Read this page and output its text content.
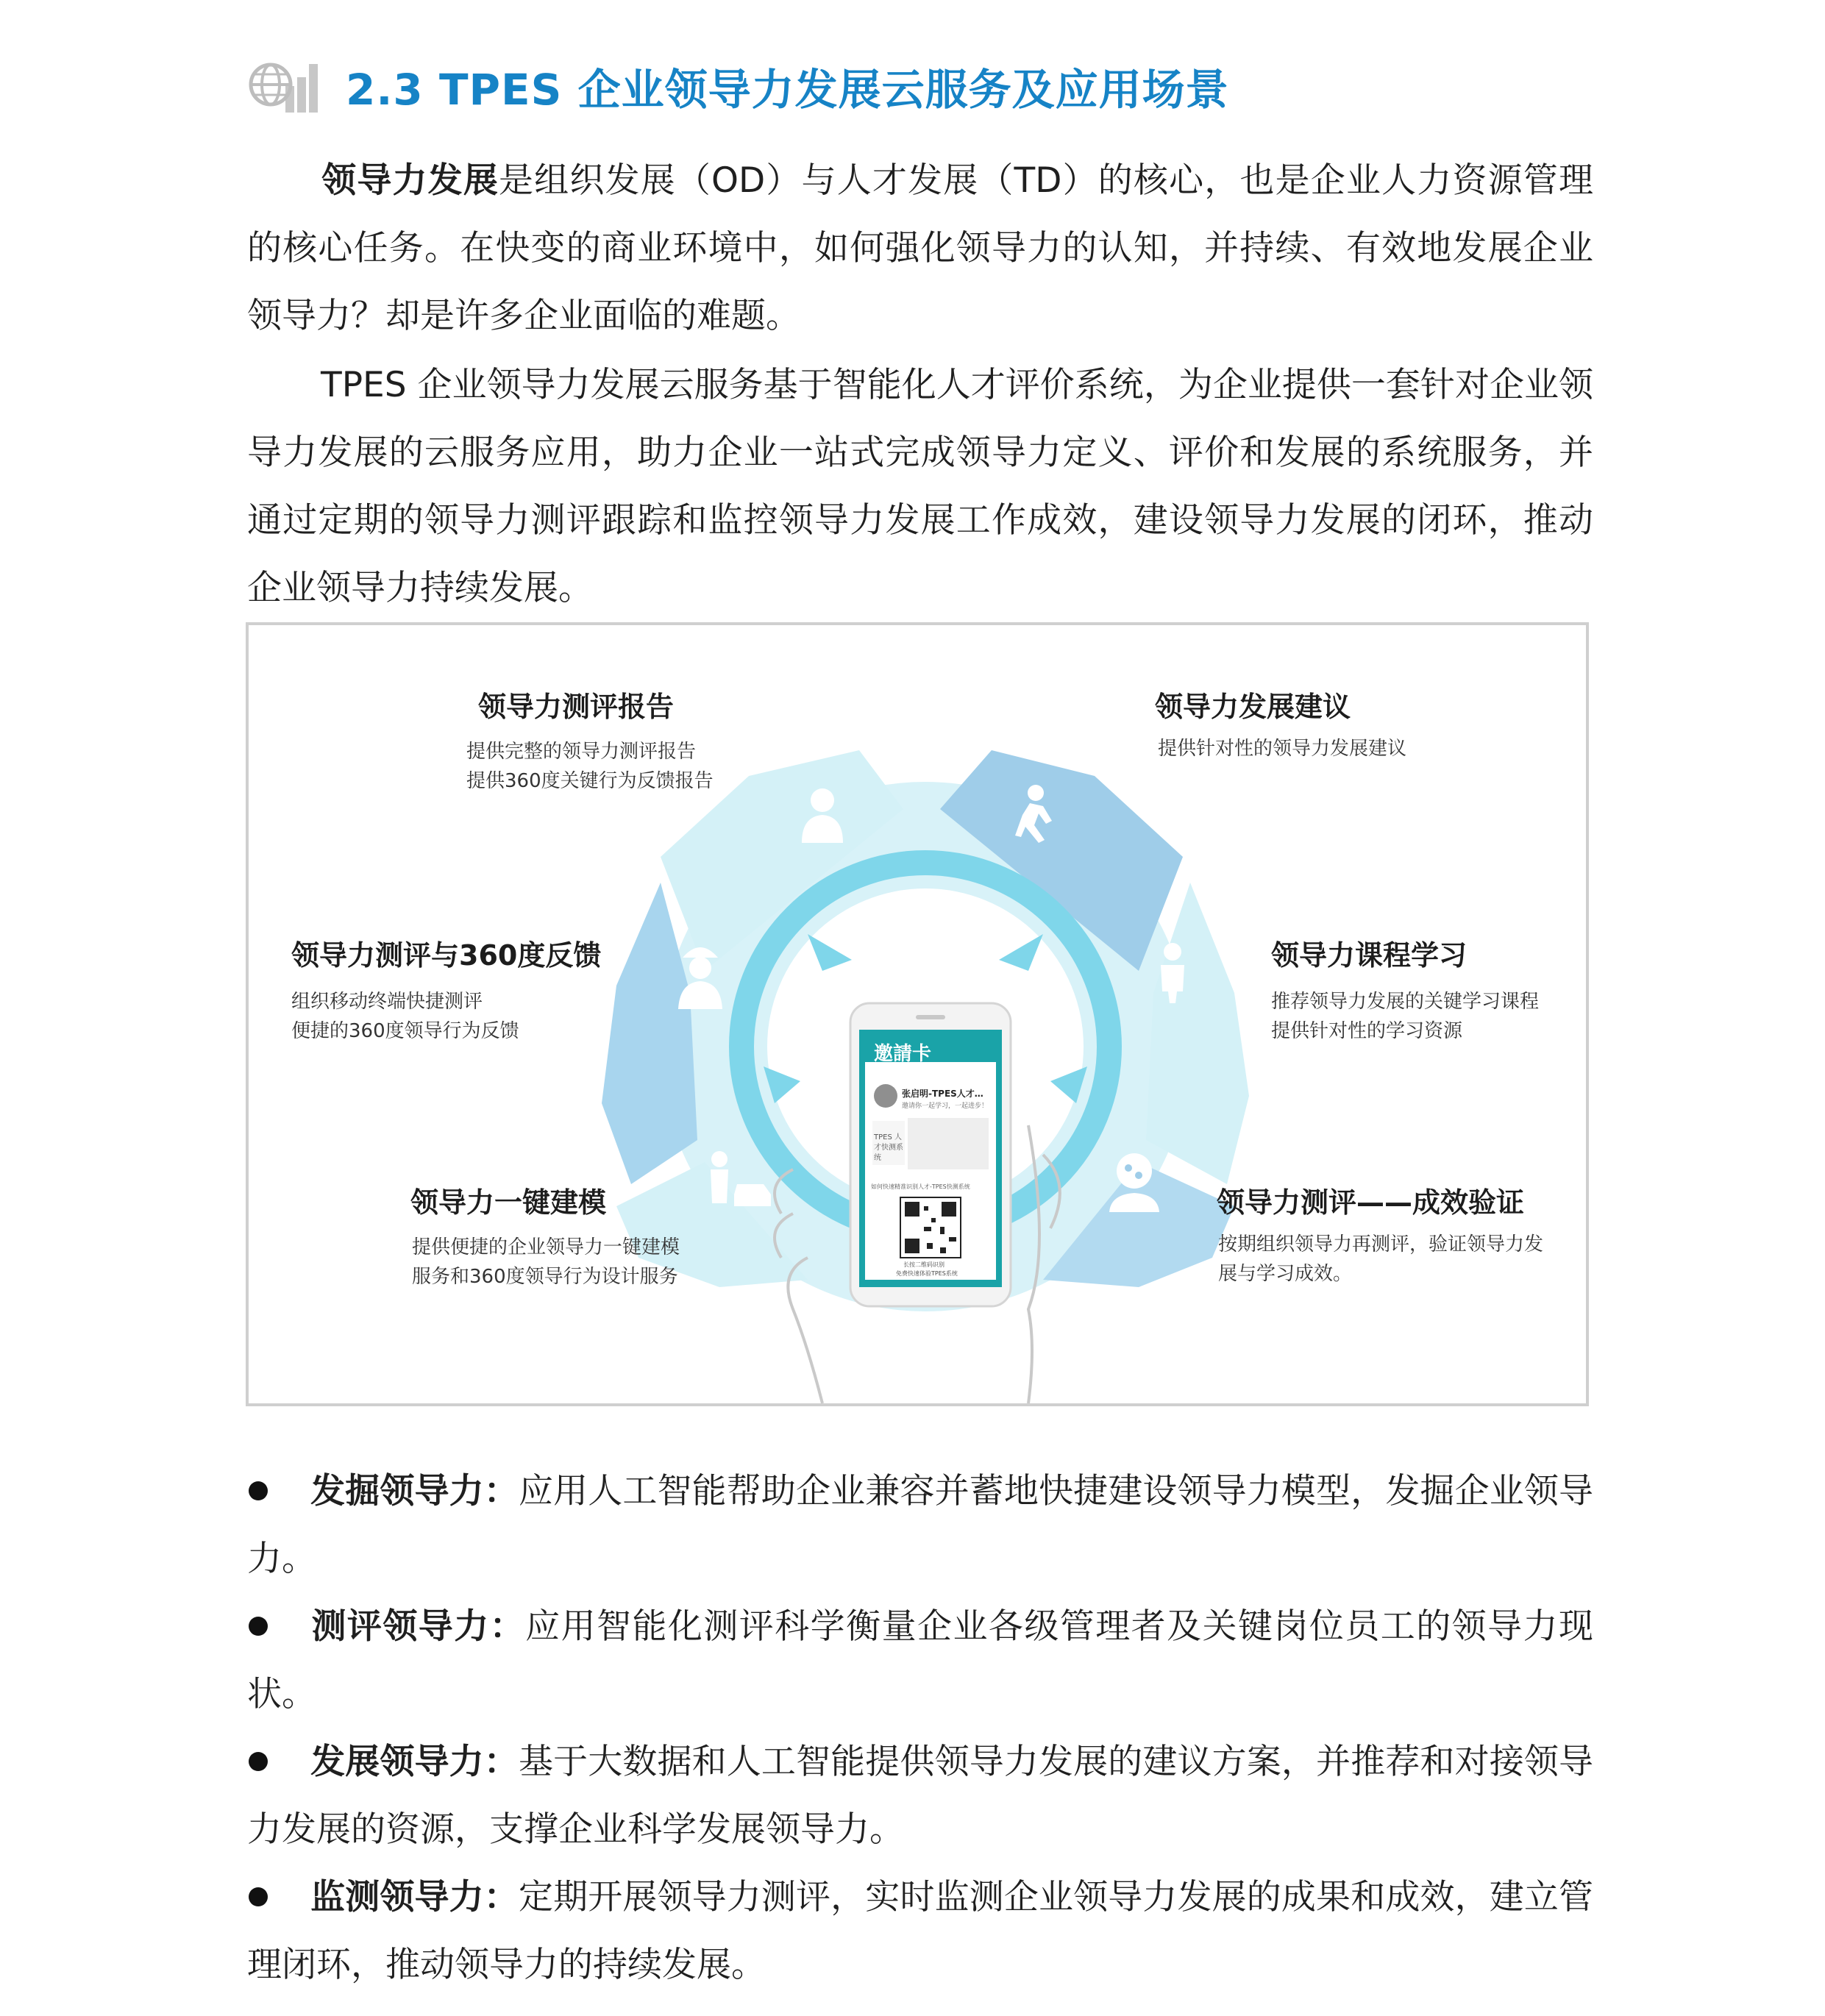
2.3 TPES 企业领导力发展云服务及应用场景
领导力发展是组织发展（OD）与人才发展（TD）的核心，也是企业人力资源管理的核心任务。在快变的商业环境中，如何强化领导力的认知，并持续、有效地发展企业领导力？却是许多企业面临的难题。
TPES 企业领导力发展云服务基于智能化人才评价系统，为企业提供一套针对企业领导力发展的云服务应用，助力企业一站式完成领导力定义、评价和发展的系统服务，并通过定期的领导力测评跟踪和监控领导力发展工作成效，建设领导力发展的闭环，推动企业领导力持续发展。
邀請卡
张启明-TPES人才…
邀请你一起学习，一起进步！
TPES 人才快测系统
如何快速精准识别人才-TPES快测系统
长按二维码识别
免费快速体验TPES系统
领导力测评报告
提供完整的领导力测评报告
提供360度关键行为反馈报告
领导力发展建议
提供针对性的领导力发展建议
领导力测评与360度反馈
组织移动终端快捷测评
便捷的360度领导行为反馈
领导力课程学习
推荐领导力发展的关键学习课程
提供针对性的学习资源
领导力一键建模
提供便捷的企业领导力一键建模
服务和360度领导行为设计服务
领导力测评——成效验证
按期组织领导力再测评，验证领导力发
展与学习成效。
发掘领导力：应用人工智能帮助企业兼容并蓄地快捷建设领导力模型，发掘企业领导力。
测评领导力：应用智能化测评科学衡量企业各级管理者及关键岗位员工的领导力现状。
发展领导力：基于大数据和人工智能提供领导力发展的建议方案，并推荐和对接领导力发展的资源，支撑企业科学发展领导力。
监测领导力：定期开展领导力测评，实时监测企业领导力发展的成果和成效，建立管理闭环，推动领导力的持续发展。
